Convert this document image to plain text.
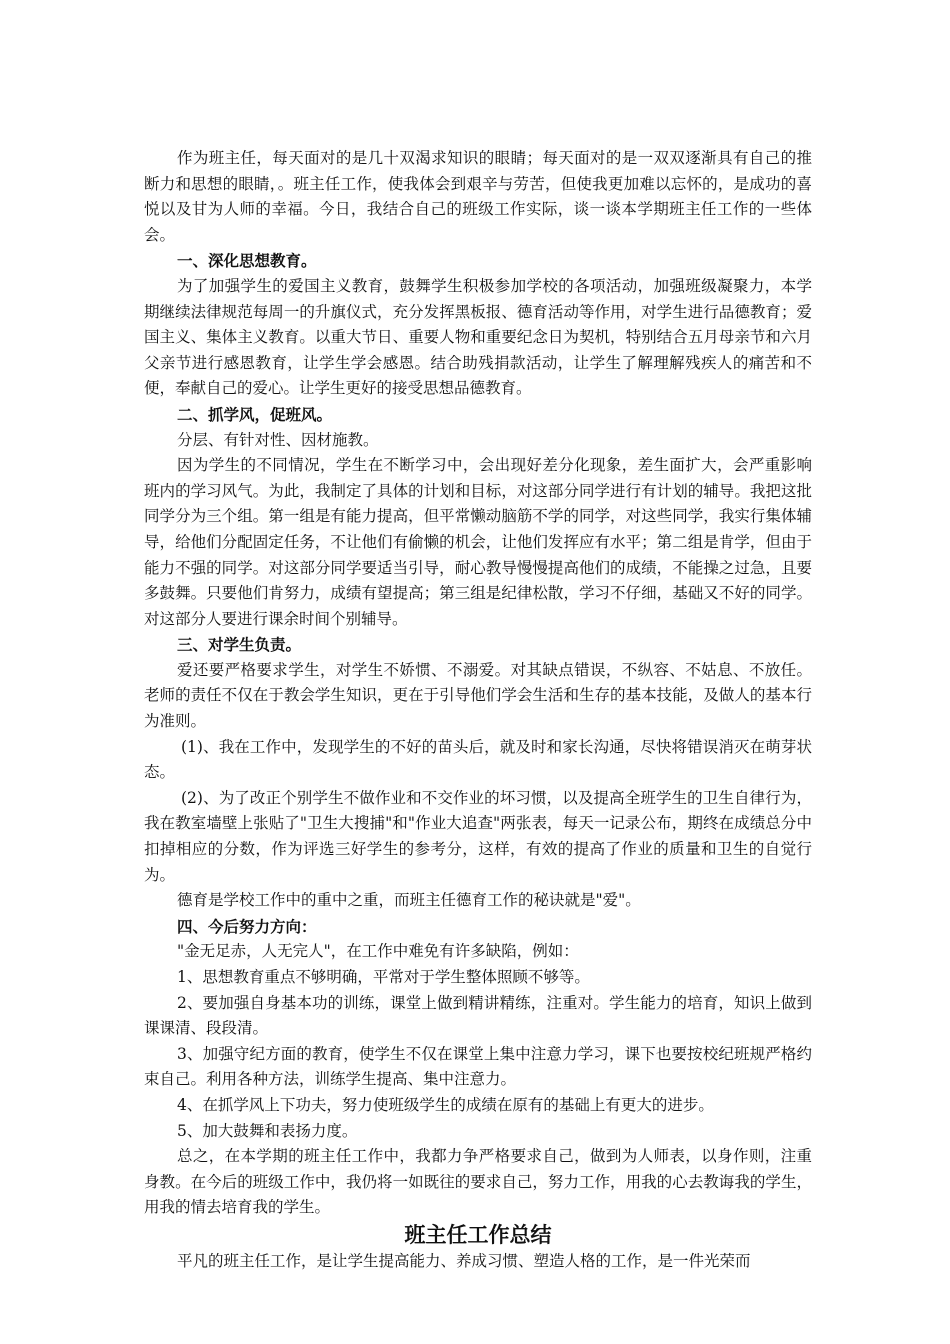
作为班主任，每天面对的是几十双渴求知识的眼睛；每天面对的是一双双逐渐具有自己的推断力和思想的眼睛，。班主任工作，使我体会到艰辛与劳苦，但使我更加难以忘怀的，是成功的喜悦以及甘为人师的幸福。今日，我结合自己的班级工作实际，谈一谈本学期班主任工作的一些体会。

一、深化思想教育。

为了加强学生的爱国主义教育，鼓舞学生积极参加学校的各项活动，加强班级凝聚力，本学期继续法律规范每周一的升旗仪式，充分发挥黑板报、德育活动等作用，对学生进行品德教育；爱国主义、集体主义教育。以重大节日、重要人物和重要纪念日为契机，特别结合五月母亲节和六月父亲节进行感恩教育，让学生学会感恩。结合助残捐款活动，让学生了解理解残疾人的痛苦和不便，奉献自己的爱心。让学生更好的接受思想品德教育。

二、抓学风，促班风。

分层、有针对性、因材施教。

因为学生的不同情况，学生在不断学习中，会出现好差分化现象，差生面扩大，会严重影响班内的学习风气。为此，我制定了具体的计划和目标，对这部分同学进行有计划的辅导。我把这批同学分为三个组。第一组是有能力提高，但平常懒动脑筋不学的同学，对这些同学，我实行集体辅导，给他们分配固定任务，不让他们有偷懒的机会，让他们发挥应有水平；第二组是肯学，但由于能力不强的同学。对这部分同学要适当引导，耐心教导慢慢提高他们的成绩，不能操之过急，且要多鼓舞。只要他们肯努力，成绩有望提高；第三组是纪律松散，学习不仔细，基础又不好的同学。对这部分人要进行课余时间个别辅导。

三、对学生负责。

爱还要严格要求学生，对学生不娇惯、不溺爱。对其缺点错误，不纵容、不姑息、不放任。老师的责任不仅在于教会学生知识，更在于引导他们学会生活和生存的基本技能，及做人的基本行为准则。

(1)、我在工作中，发现学生的不好的苗头后，就及时和家长沟通，尽快将错误消灭在萌芽状态。

(2)、为了改正个别学生不做作业和不交作业的坏习惯，以及提高全班学生的卫生自律行为，我在教室墙壁上张贴了"卫生大搜捕"和"作业大追查"两张表，每天一记录公布，期终在成绩总分中扣掉相应的分数，作为评选三好学生的参考分，这样，有效的提高了作业的质量和卫生的自觉行为。

德育是学校工作中的重中之重，而班主任德育工作的秘诀就是"爱"。

四、今后努力方向：

"金无足赤，人无完人"，在工作中难免有许多缺陷，例如：

1、思想教育重点不够明确，平常对于学生整体照顾不够等。

2、要加强自身基本功的训练，课堂上做到精讲精练，注重对。学生能力的培育，知识上做到课课清、段段清。

3、加强守纪方面的教育，使学生不仅在课堂上集中注意力学习，课下也要按校纪班规严格约束自己。利用各种方法，训练学生提高、集中注意力。

4、在抓学风上下功夫，努力使班级学生的成绩在原有的基础上有更大的进步。

5、加大鼓舞和表扬力度。

总之，在本学期的班主任工作中，我都力争严格要求自己，做到为人师表，以身作则，注重身教。在今后的班级工作中，我仍将一如既往的要求自己，努力工作，用我的心去教诲我的学生，用我的情去培育我的学生。

班主任工作总结

平凡的班主任工作，是让学生提高能力、养成习惯、塑造人格的工作，是一件光荣而
